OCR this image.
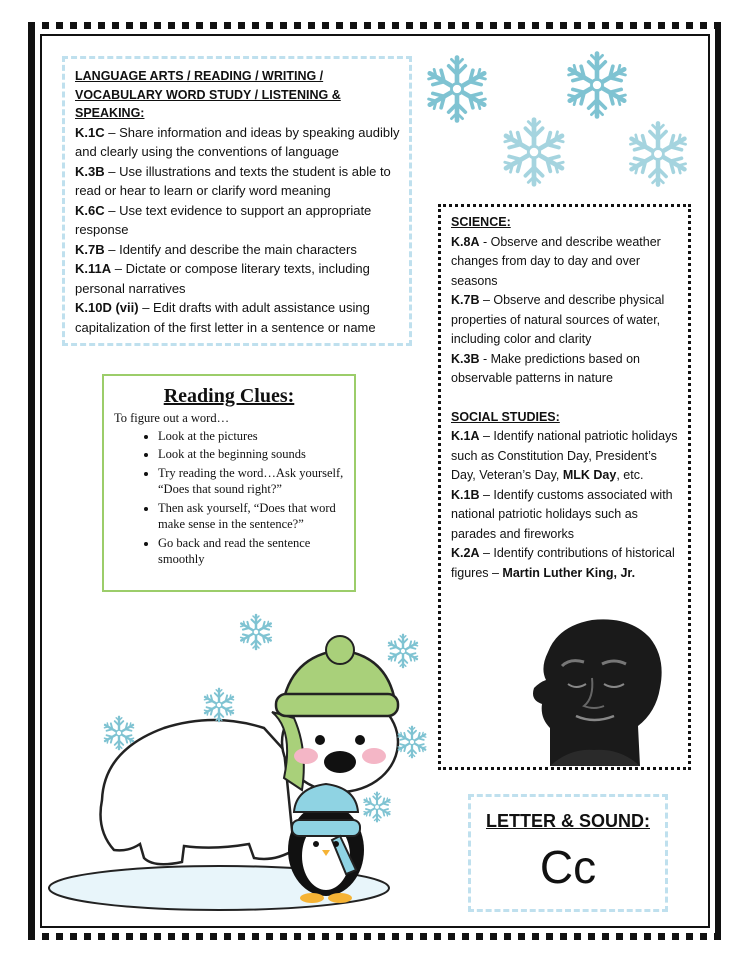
LANGUAGE ARTS / READING / WRITING / VOCABULARY WORD STUDY / LISTENING & SPEAKING:
K.1C – Share information and ideas by speaking audibly and clearly using the conventions of language
K.3B – Use illustrations and texts the student is able to read or hear to learn or clarify word meaning
K.6C – Use text evidence to support an appropriate response
K.7B – Identify and describe the main characters
K.11A – Dictate or compose literary texts, including personal narratives
K.10D (vii) – Edit drafts with adult assistance using capitalization of the first letter in a sentence or name
SCIENCE:
K.8A - Observe and describe weather changes from day to day and over seasons
K.7B – Observe and describe physical properties of natural sources of water, including color and clarity
K.3B - Make predictions based on observable patterns in nature
SOCIAL STUDIES:
K.1A – Identify national patriotic holidays such as Constitution Day, President’s Day, Veteran’s Day, MLK Day, etc.
K.1B – Identify customs associated with national patriotic holidays such as parades and fireworks
K.2A – Identify contributions of historical figures – Martin Luther King, Jr.
Reading Clues:
To figure out a word…
• Look at the pictures
• Look at the beginning sounds
• Try reading the word…Ask yourself, “Does that sound right?”
• Then ask yourself, “Does that word make sense in the sentence?”
• Go back and read the sentence smoothly
LETTER & SOUND:
Cc
